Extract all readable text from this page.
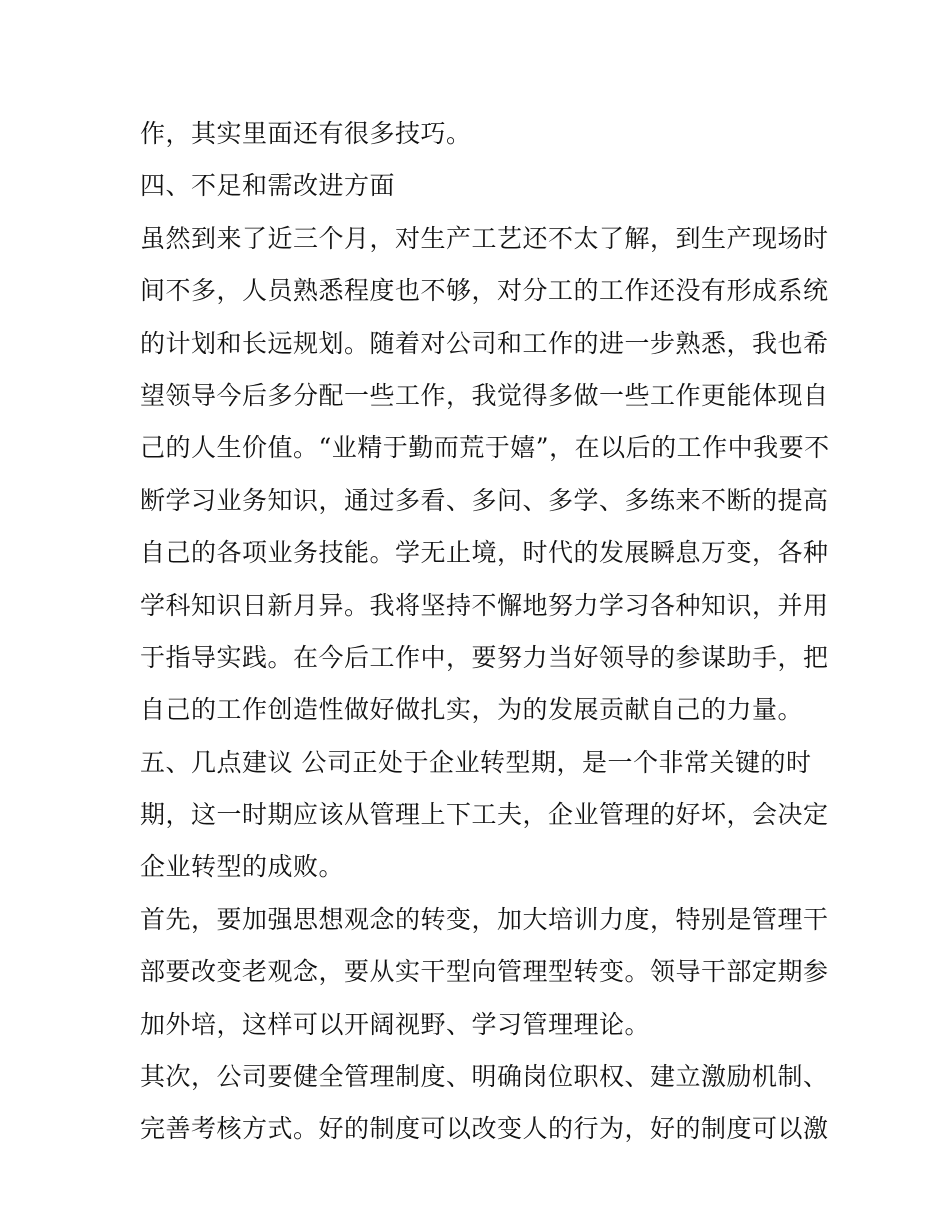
作，其实里面还有很多技巧。
四、不足和需改进方面
虽然到来了近三个月，对生产工艺还不太了解，到生产现场时
间不多，人员熟悉程度也不够，对分工的工作还没有形成系统
的计划和长远规划。随着对公司和工作的进一步熟悉，我也希
望领导今后多分配一些工作，我觉得多做一些工作更能体现自
己的人生价值。“业精于勤而荒于嬉”，在以后的工作中我要不
断学习业务知识，通过多看、多问、多学、多练来不断的提高
自己的各项业务技能。学无止境，时代的发展瞬息万变，各种
学科知识日新月异。我将坚持不懈地努力学习各种知识，并用
于指导实践。在今后工作中，要努力当好领导的参谋助手，把
自己的工作创造性做好做扎实，为的发展贡献自己的力量。
五、几点建议 公司正处于企业转型期，是一个非常关键的时
期，这一时期应该从管理上下工夫，企业管理的好坏，会决定
企业转型的成败。
首先，要加强思想观念的转变，加大培训力度，特别是管理干
部要改变老观念，要从实干型向管理型转变。领导干部定期参
加外培，这样可以开阔视野、学习管理理论。
其次，公司要健全管理制度、明确岗位职权、建立激励机制、
完善考核方式。好的制度可以改变人的行为，好的制度可以激
